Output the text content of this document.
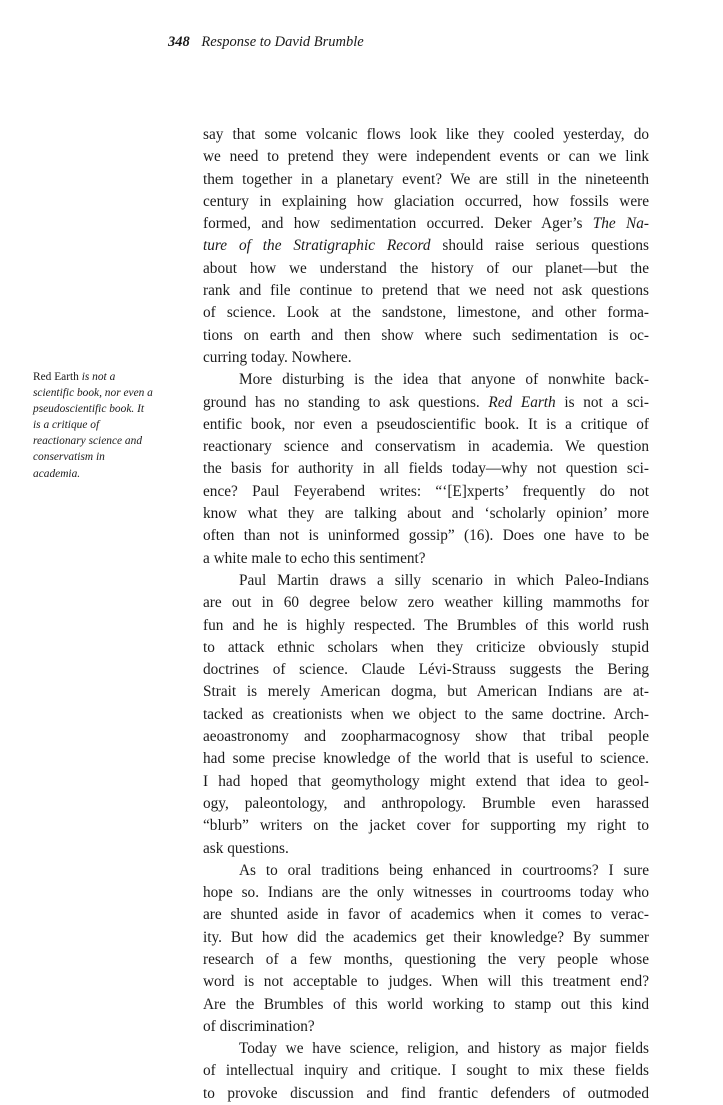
348 Response to David Brumble
Red Earth is not a
scientific book, nor even a
pseudoscientific book. It
is a critique of
reactionary science and
conservatism in
academia.
say that some volcanic flows look like they cooled yesterday, do
we need to pretend they were independent events or can we link
them together in a planetary event? We are still in the nineteenth
century in explaining how glaciation occurred, how fossils were
formed, and how sedimentation occurred. Deker Ager’s The Na-
ture of the Stratigraphic Record should raise serious questions
about how we understand the history of our planet—but the
rank and file continue to pretend that we need not ask questions
of science. Look at the sandstone, limestone, and other forma-
tions on earth and then show where such sedimentation is oc-
curring today. Nowhere.
More disturbing is the idea that anyone of nonwhite back-
ground has no standing to ask questions. Red Earth is not a sci-
entific book, nor even a pseudoscientific book. It is a critique of
reactionary science and conservatism in academia. We question
the basis for authority in all fields today—why not question sci-
ence? Paul Feyerabend writes: “‘[E]xperts’ frequently do not
know what they are talking about and ‘scholarly opinion’ more
often than not is uninformed gossip” (16). Does one have to be
a white male to echo this sentiment?
Paul Martin draws a silly scenario in which Paleo-Indians
are out in 60 degree below zero weather killing mammoths for
fun and he is highly respected. The Brumbles of this world rush
to attack ethnic scholars when they criticize obviously stupid
doctrines of science. Claude Lévi-Strauss suggests the Bering
Strait is merely American dogma, but American Indians are at-
tacked as creationists when we object to the same doctrine. Arch-
aeoastronomy and zoopharmacognosy show that tribal people
had some precise knowledge of the world that is useful to science.
I had hoped that geomythology might extend that idea to geol-
ogy, paleontology, and anthropology. Brumble even harassed
“blurb” writers on the jacket cover for supporting my right to
ask questions.
As to oral traditions being enhanced in courtrooms? I sure
hope so. Indians are the only witnesses in courtrooms today who
are shunted aside in favor of academics when it comes to verac-
ity. But how did the academics get their knowledge? By summer
research of a few months, questioning the very people whose
word is not acceptable to judges. When will this treatment end?
Are the Brumbles of this world working to stamp out this kind
of discrimination?
Today we have science, religion, and history as major fields
of intellectual inquiry and critique. I sought to mix these fields
to provoke discussion and find frantic defenders of outmoded
